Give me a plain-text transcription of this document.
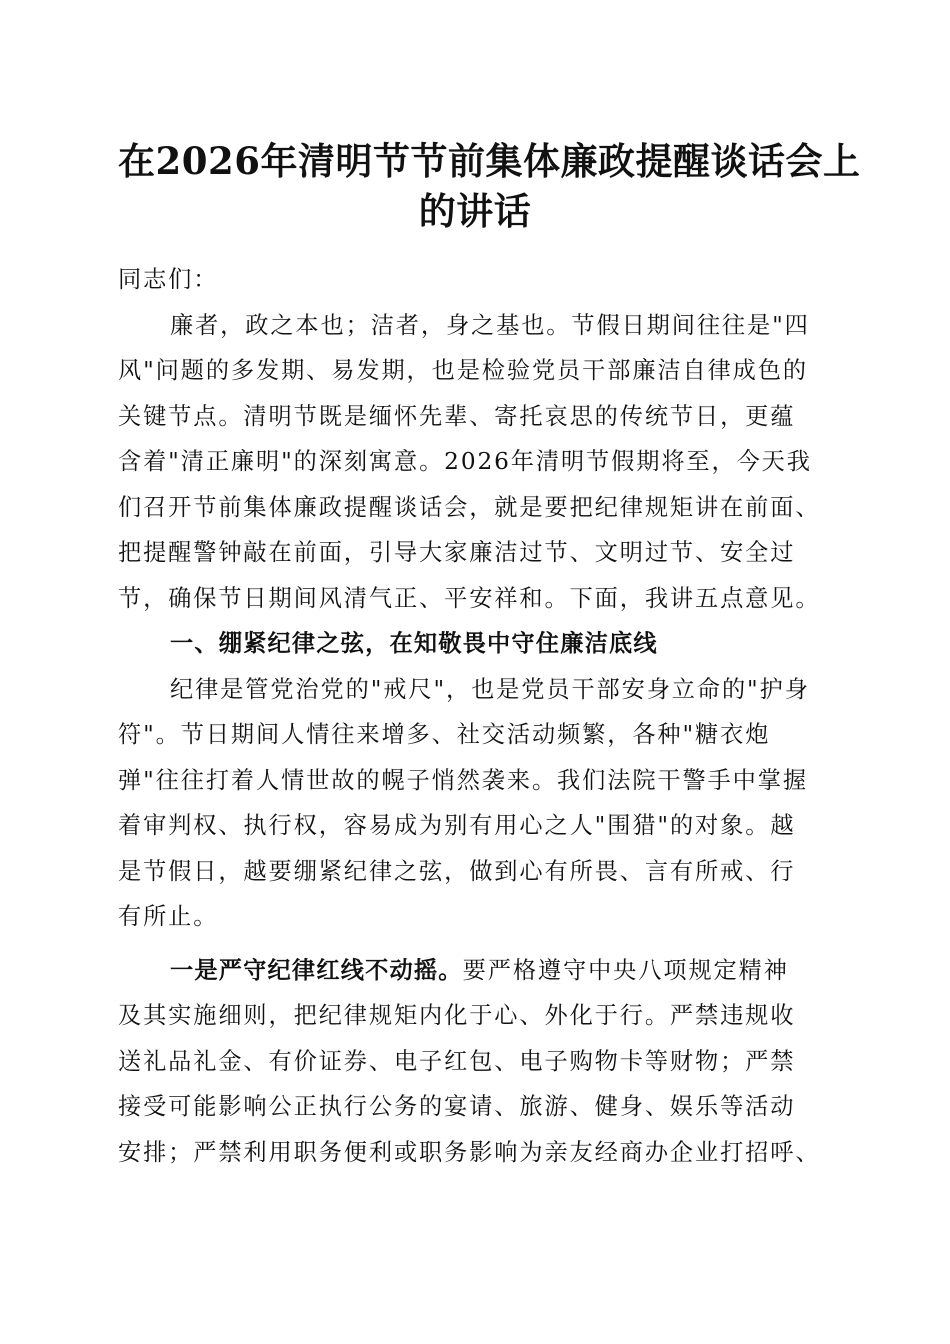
在2026年清明节节前集体廉政提醒谈话会上
的讲话

同志们：

廉者，政之本也；洁者，身之基也。节假日期间往往是"四
风"问题的多发期、易发期，也是检验党员干部廉洁自律成色的
关键节点。清明节既是缅怀先辈、寄托哀思的传统节日，更蕴
含着"清正廉明"的深刻寓意。2026年清明节假期将至，今天我
们召开节前集体廉政提醒谈话会，就是要把纪律规矩讲在前面、
把提醒警钟敲在前面，引导大家廉洁过节、文明过节、安全过
节，确保节日期间风清气正、平安祥和。下面，我讲五点意见。

一、绷紧纪律之弦，在知敬畏中守住廉洁底线

纪律是管党治党的"戒尺"，也是党员干部安身立命的"护身
符"。节日期间人情往来增多、社交活动频繁，各种"糖衣炮
弹"往往打着人情世故的幌子悄然袭来。我们法院干警手中掌握
着审判权、执行权，容易成为别有用心之人"围猎"的对象。越
是节假日，越要绷紧纪律之弦，做到心有所畏、言有所戒、行
有所止。

一是严守纪律红线不动摇。要严格遵守中央八项规定精神
及其实施细则，把纪律规矩内化于心、外化于行。严禁违规收
送礼品礼金、有价证券、电子红包、电子购物卡等财物；严禁
接受可能影响公正执行公务的宴请、旅游、健身、娱乐等活动
安排；严禁利用职务便利或职务影响为亲友经商办企业打招呼、
